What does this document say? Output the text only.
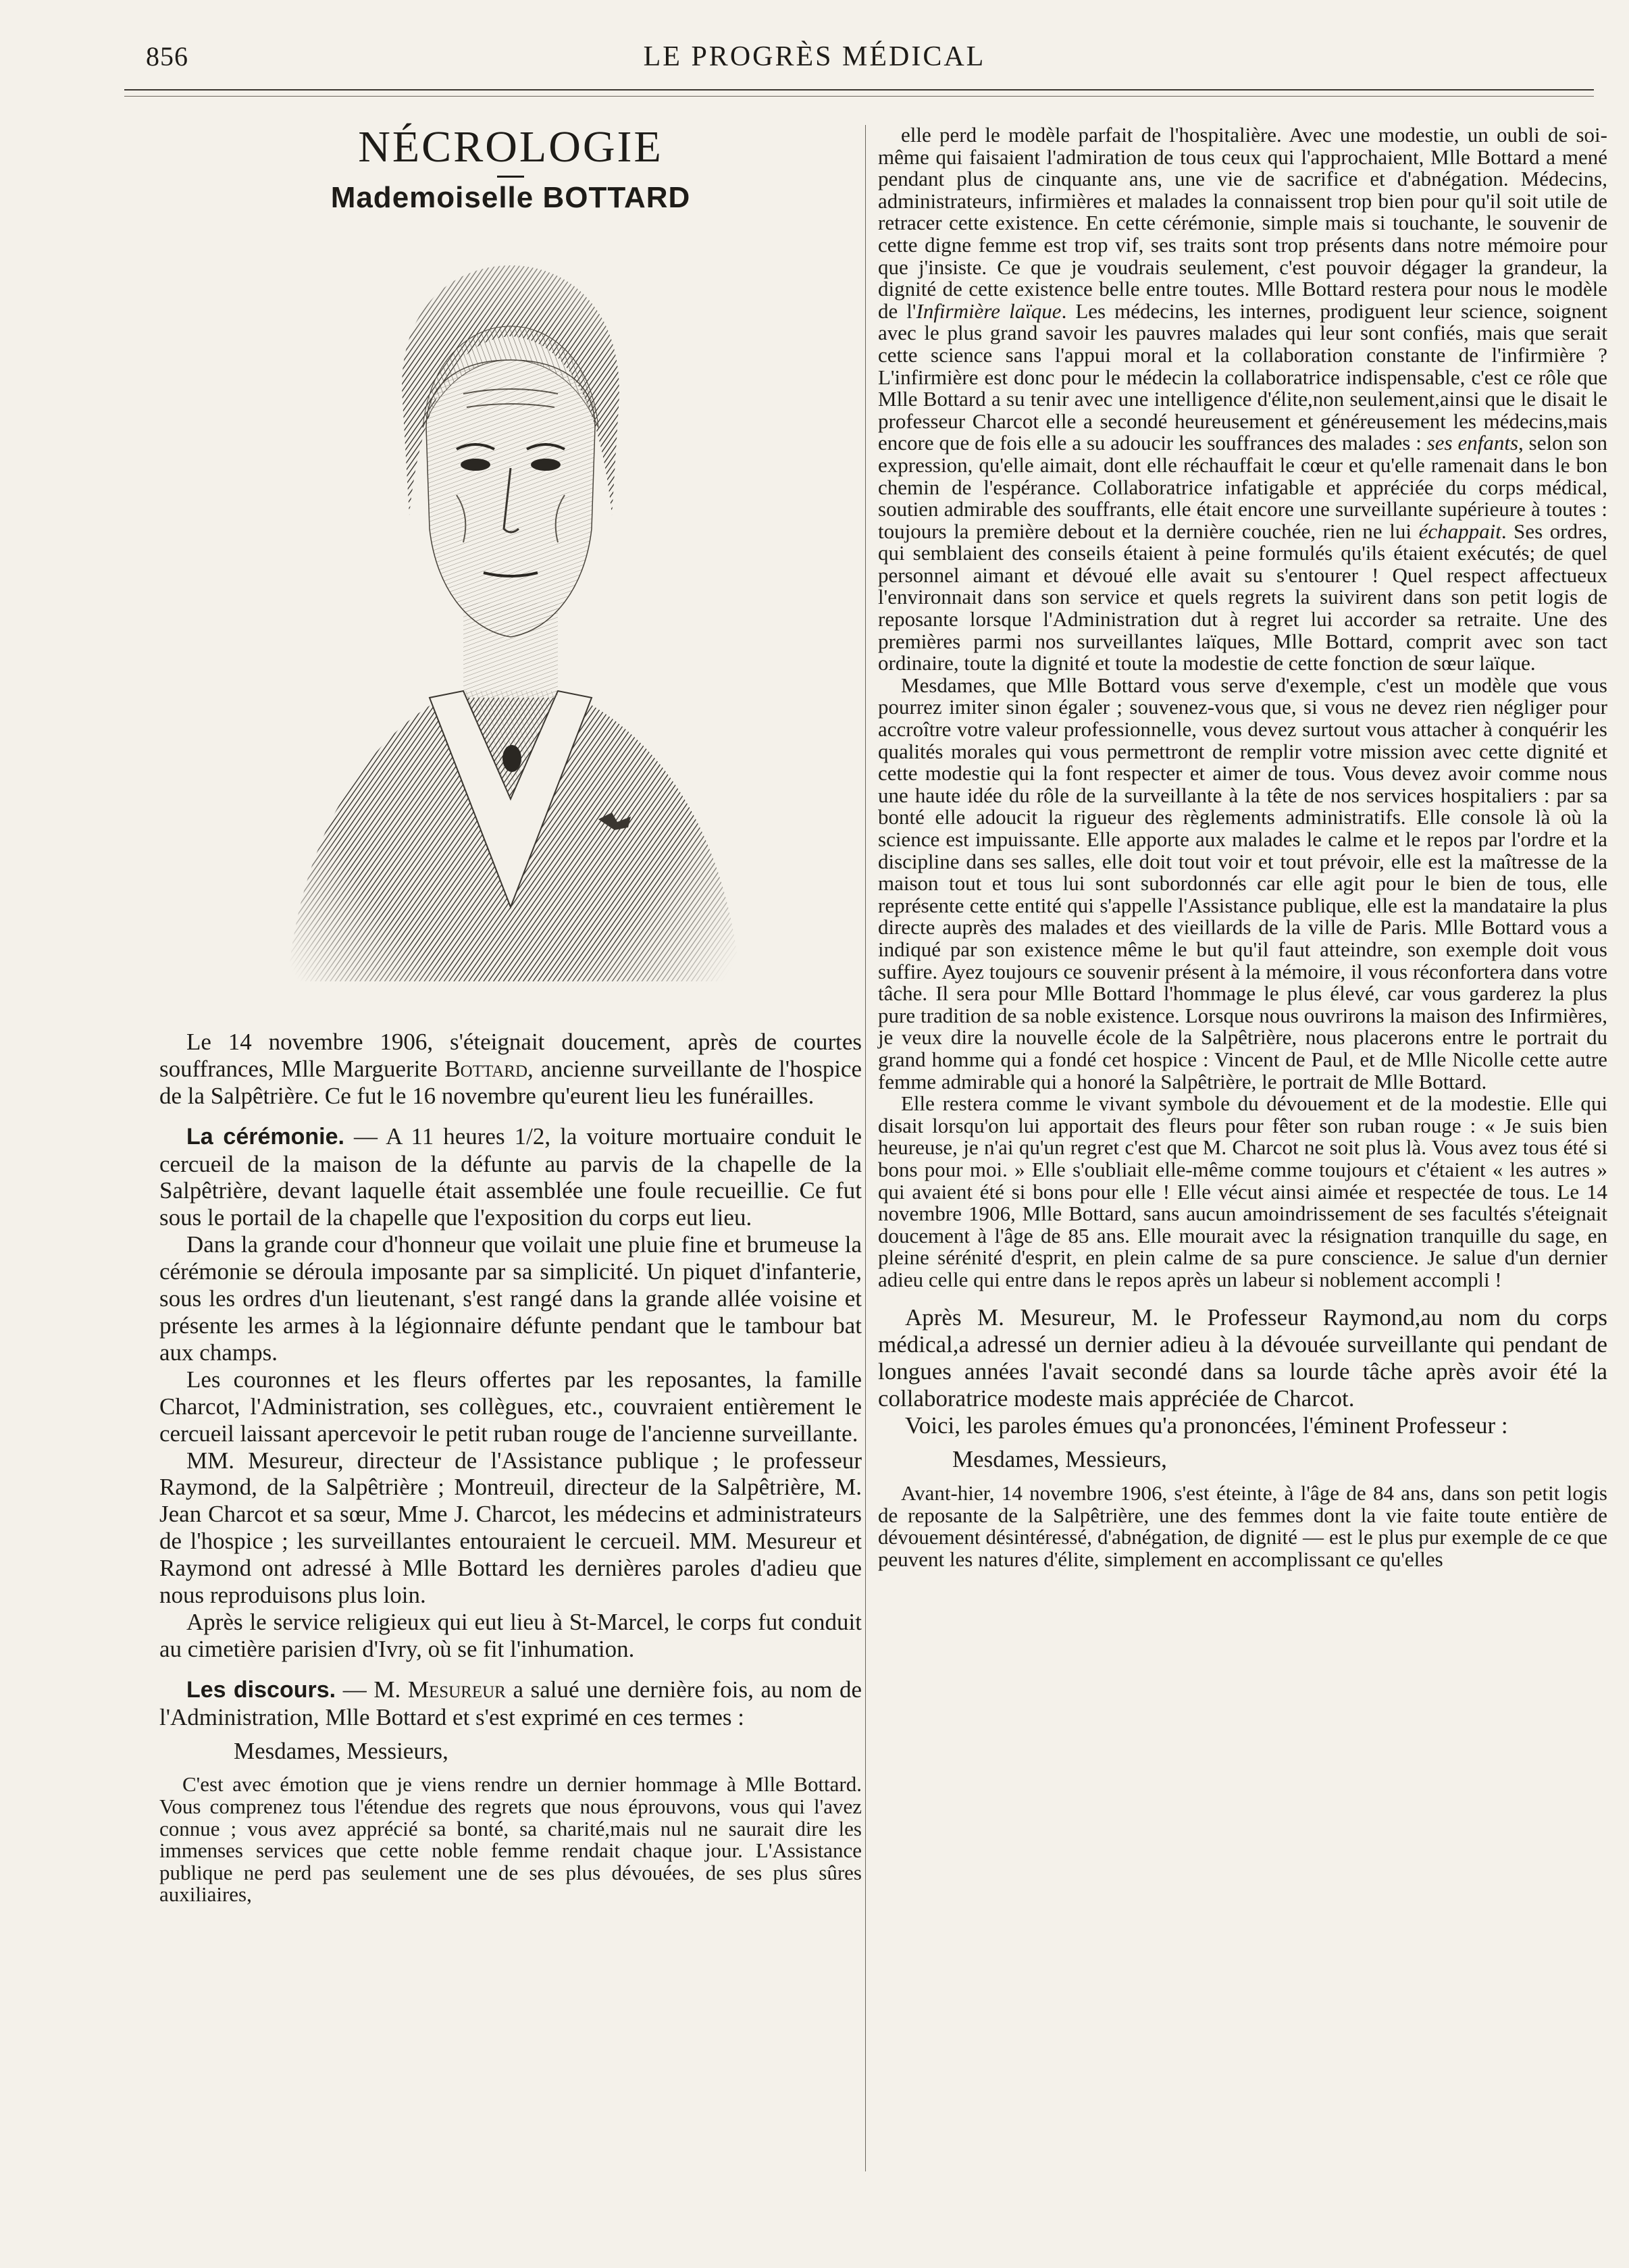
856	LE PROGRÈS MÉDICAL
NÉCROLOGIE
Mademoiselle BOTTARD

Le 14 novembre 1906, s'éteignait doucement, après de courtes souffrances, Mlle Marguerite Bottard, ancienne surveillante de l'hospice de la Salpêtrière. Ce fut le 16 novembre qu'eurent lieu les funérailles.

La cérémonie. — A 11 heures 1/2, la voiture mortuaire conduit le cercueil de la maison de la défunte au parvis de la chapelle de la Salpêtrière, devant laquelle était assemblée une foule recueillie. Ce fut sous le portail de la chapelle que l'exposition du corps eut lieu.

Dans la grande cour d'honneur que voilait une pluie fine et brumeuse la cérémonie se déroula imposante par sa simplicité. Un piquet d'infanterie, sous les ordres d'un lieutenant, s'est rangé dans la grande allée voisine et présente les armes à la légionnaire défunte pendant que le tambour bat aux champs.

Les couronnes et les fleurs offertes par les reposantes, la famille Charcot, l'Administration, ses collègues, etc., couvraient entièrement le cercueil laissant apercevoir le petit ruban rouge de l'ancienne surveillante.

MM. Mesureur, directeur de l'Assistance publique ; le professeur Raymond, de la Salpêtrière ; Montreuil, directeur de la Salpêtrière, M. Jean Charcot et sa sœur, Mme J. Charcot, les médecins et administrateurs de l'hospice ; les surveillantes entouraient le cercueil. MM. Mesureur et Raymond ont adressé à Mlle Bottard les dernières paroles d'adieu que nous reproduisons plus loin.

Après le service religieux qui eut lieu à St-Marcel, le corps fut conduit au cimetière parisien d'Ivry, où se fit l'inhumation.

Les discours. — M. Mesureur a salué une dernière fois, au nom de l'Administration, Mlle Bottard et s'est exprimé en ces termes :

Mesdames, Messieurs,

C'est avec émotion que je viens rendre un dernier hommage à Mlle Bottard. Vous comprenez tous l'étendue des regrets que nous éprouvons, vous qui l'avez connue ; vous avez apprécié sa bonté, sa charité,mais nul ne saurait dire les immenses services que cette noble femme rendait chaque jour. L'Assistance publique ne perd pas seulement une de ses plus dévouées, de ses plus sûres auxiliaires,

elle perd le modèle parfait de l'hospitalière. Avec une modestie, un oubli de soi-même qui faisaient l'admiration de tous ceux qui l'approchaient, Mlle Bottard a mené pendant plus de cinquante ans, une vie de sacrifice et d'abnégation. Médecins, administrateurs, infirmières et malades la connaissent trop bien pour qu'il soit utile de retracer cette existence. En cette cérémonie, simple mais si touchante, le souvenir de cette digne femme est trop vif, ses traits sont trop présents dans notre mémoire pour que j'insiste. Ce que je voudrais seulement, c'est pouvoir dégager la grandeur, la dignité de cette existence belle entre toutes. Mlle Bottard restera pour nous le modèle de l'Infirmière laïque. Les médecins, les internes, prodiguent leur science, soignent avec le plus grand savoir les pauvres malades qui leur sont confiés, mais que serait cette science sans l'appui moral et la collaboration constante de l'infirmière ? L'infirmière est donc pour le médecin la collaboratrice indispensable, c'est ce rôle que Mlle Bottard a su tenir avec une intelligence d'élite,non seulement,ainsi que le disait le professeur Charcot elle a secondé heureusement et généreusement les médecins,mais encore que de fois elle a su adoucir les souffrances des malades : ses enfants, selon son expression, qu'elle aimait, dont elle réchauffait le cœur et qu'elle ramenait dans le bon chemin de l'espérance. Collaboratrice infatigable et appréciée du corps médical, soutien admirable des souffrants, elle était encore une surveillante supérieure à toutes : toujours la première debout et la dernière couchée, rien ne lui échappait. Ses ordres, qui semblaient des conseils étaient à peine formulés qu'ils étaient exécutés; de quel personnel aimant et dévoué elle avait su s'entourer ! Quel respect affectueux l'environnait dans son service et quels regrets la suivirent dans son petit logis de reposante lorsque l'Administration dut à regret lui accorder sa retraite. Une des premières parmi nos surveillantes laïques, Mlle Bottard, comprit avec son tact ordinaire, toute la dignité et toute la modestie de cette fonction de sœur laïque.

Mesdames, que Mlle Bottard vous serve d'exemple, c'est un modèle que vous pourrez imiter sinon égaler ; souvenez-vous que, si vous ne devez rien négliger pour accroître votre valeur professionnelle, vous devez surtout vous attacher à conquérir les qualités morales qui vous permettront de remplir votre mission avec cette dignité et cette modestie qui la font respecter et aimer de tous. Vous devez avoir comme nous une haute idée du rôle de la surveillante à la tête de nos services hospitaliers : par sa bonté elle adoucit la rigueur des règlements administratifs. Elle console là où la science est impuissante. Elle apporte aux malades le calme et le repos par l'ordre et la discipline dans ses salles, elle doit tout voir et tout prévoir, elle est la maîtresse de la maison tout et tous lui sont subordonnés car elle agit pour le bien de tous, elle représente cette entité qui s'appelle l'Assistance publique, elle est la mandataire la plus directe auprès des malades et des vieillards de la ville de Paris. Mlle Bottard vous a indiqué par son existence même le but qu'il faut atteindre, son exemple doit vous suffire. Ayez toujours ce souvenir présent à la mémoire, il vous réconfortera dans votre tâche. Il sera pour Mlle Bottard l'hommage le plus élevé, car vous garderez la plus pure tradition de sa noble existence. Lorsque nous ouvrirons la maison des Infirmières, je veux dire la nouvelle école de la Salpêtrière, nous placerons entre le portrait du grand homme qui a fondé cet hospice : Vincent de Paul, et de Mlle Nicolle cette autre femme admirable qui a honoré la Salpêtrière, le portrait de Mlle Bottard.

Elle restera comme le vivant symbole du dévouement et de la modestie. Elle qui disait lorsqu'on lui apportait des fleurs pour fêter son ruban rouge : « Je suis bien heureuse, je n'ai qu'un regret c'est que M. Charcot ne soit plus là. Vous avez tous été si bons pour moi. » Elle s'oubliait elle-même comme toujours et c'étaient « les autres » qui avaient été si bons pour elle ! Elle vécut ainsi aimée et respectée de tous. Le 14 novembre 1906, Mlle Bottard, sans aucun amoindrissement de ses facultés s'éteignait doucement à l'âge de 85 ans. Elle mourait avec la résignation tranquille du sage, en pleine sérénité d'esprit, en plein calme de sa pure conscience. Je salue d'un dernier adieu celle qui entre dans le repos après un labeur si noblement accompli !

Après M. Mesureur, M. le Professeur Raymond,au nom du corps médical,a adressé un dernier adieu à la dévouée surveillante qui pendant de longues années l'avait secondé dans sa lourde tâche après avoir été la collaboratrice modeste mais appréciée de Charcot.

Voici, les paroles émues qu'a prononcées, l'éminent Professeur :

Mesdames, Messieurs,

Avant-hier, 14 novembre 1906, s'est éteinte, à l'âge de 84 ans, dans son petit logis de reposante de la Salpêtrière, une des femmes dont la vie faite toute entière de dévouement désintéressé, d'abnégation, de dignité — est le plus pur exemple de ce que peuvent les natures d'élite, simplement en accomplissant ce qu'elles
